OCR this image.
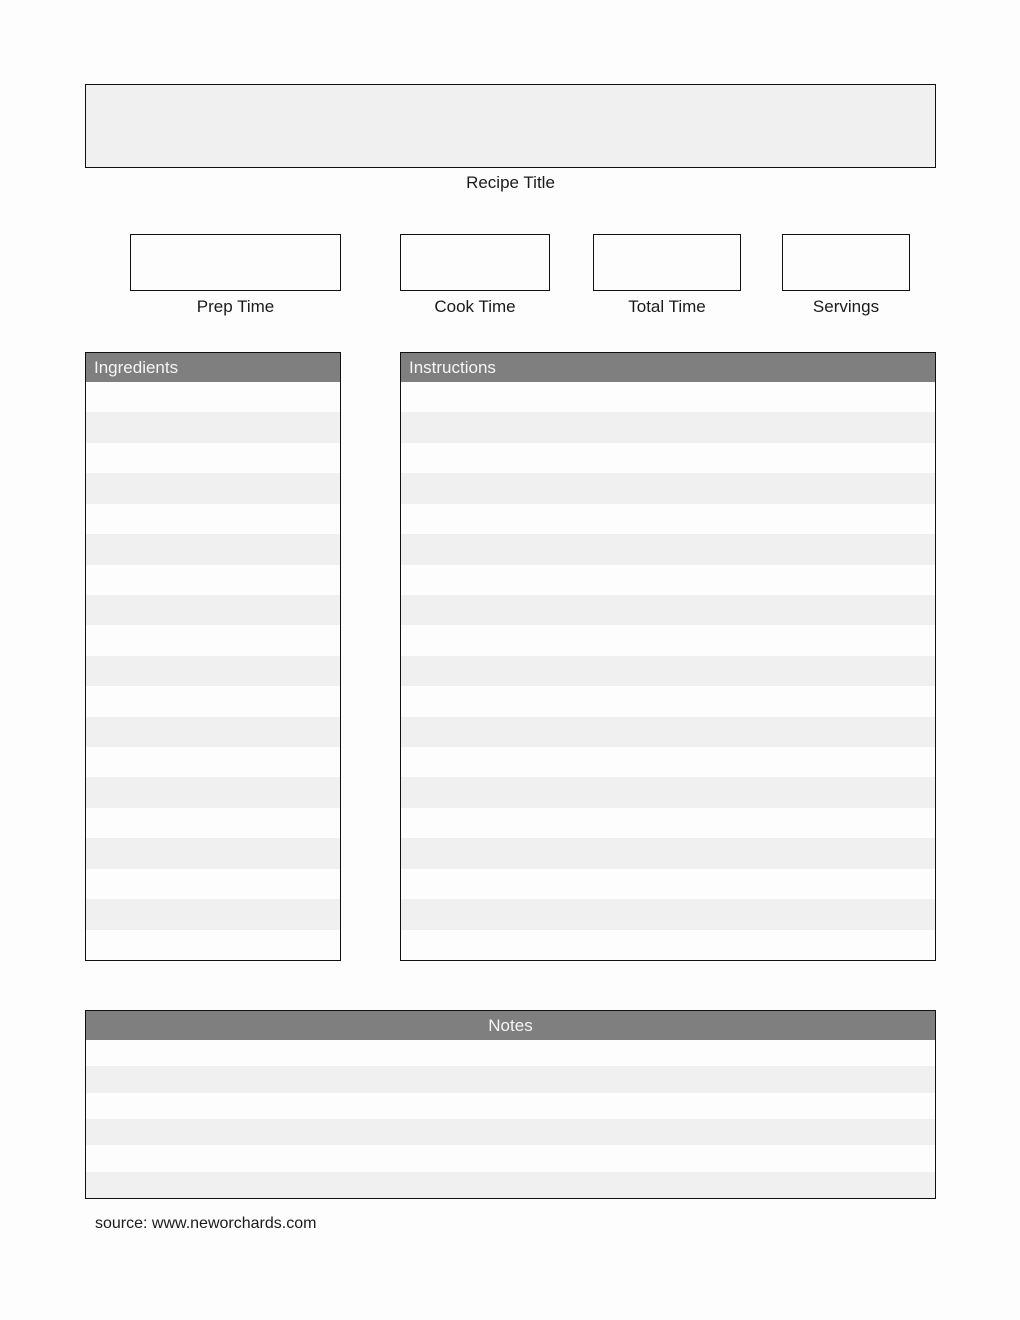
Recipe Title
Prep Time	Cook Time	Total Time	Servings
Ingredients	Instructions
Notes
source: www.neworchards.com
